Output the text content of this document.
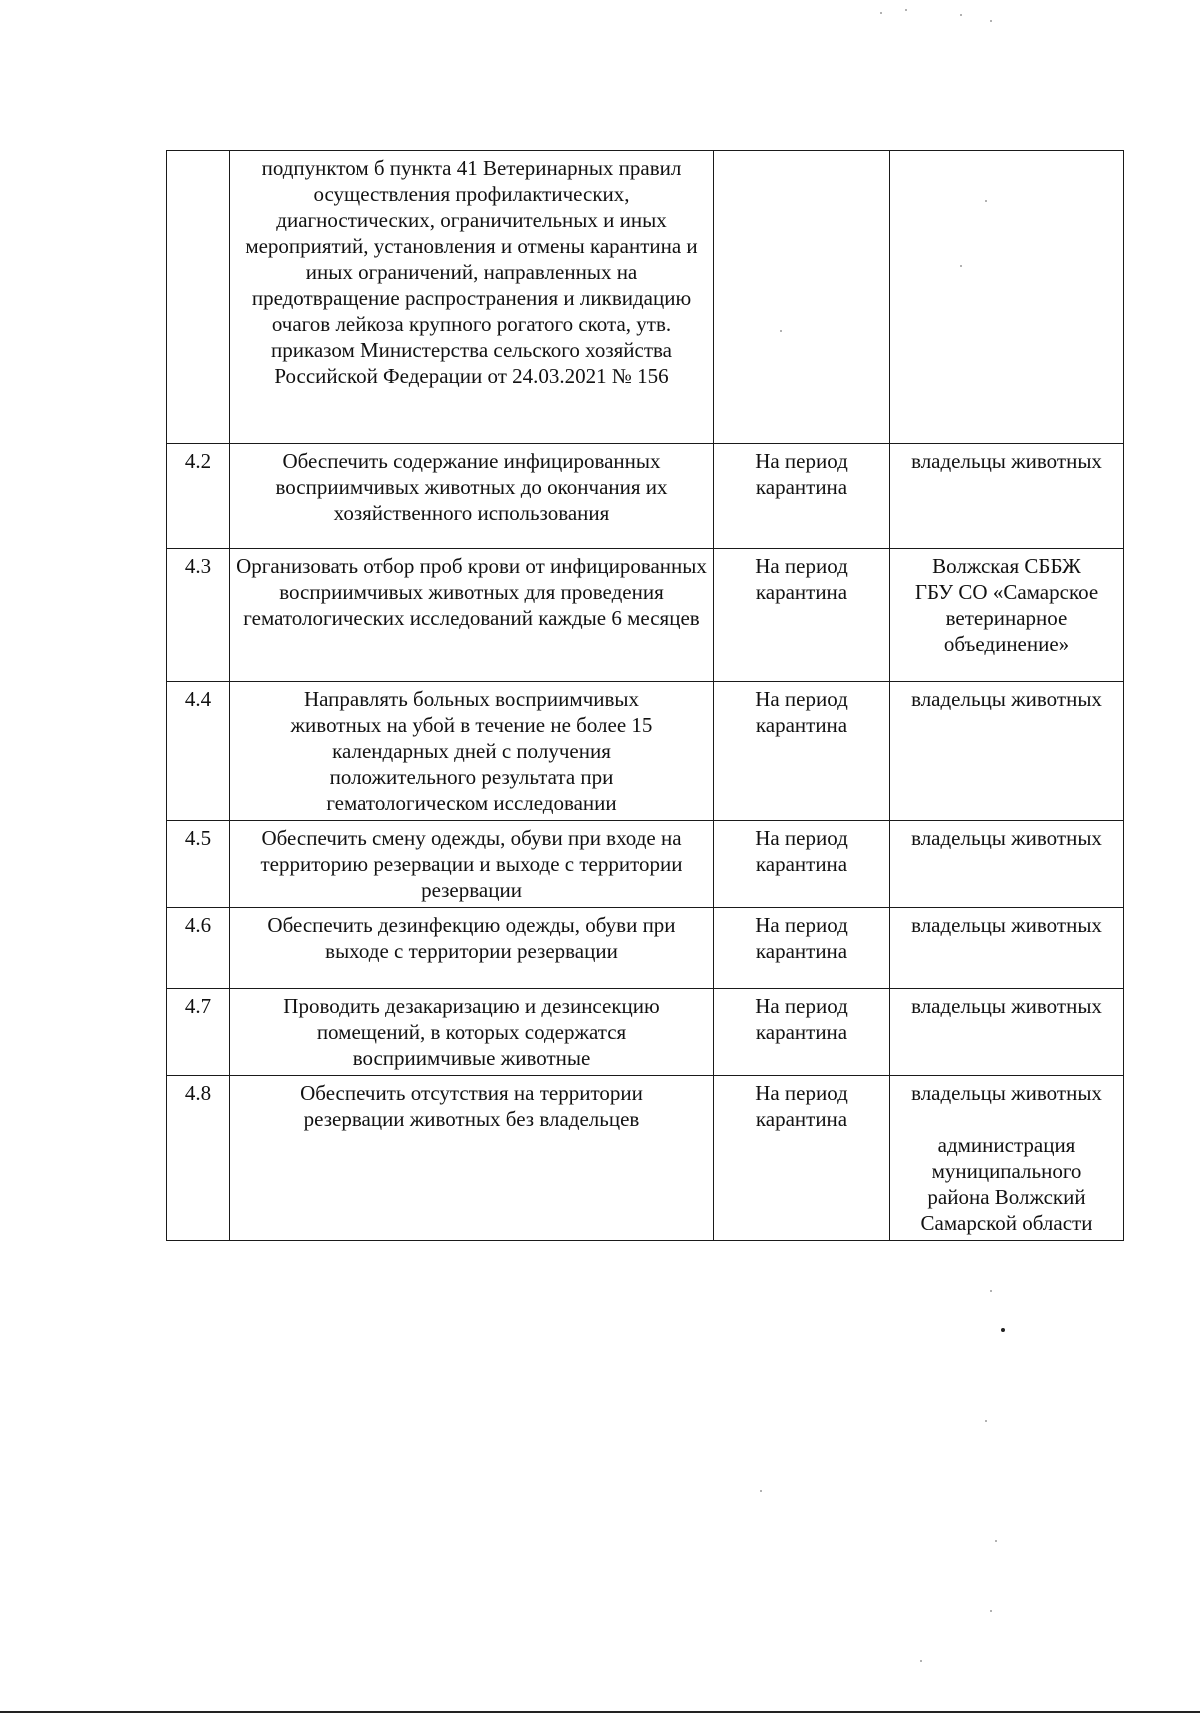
	подпунктом б пункта 41 Ветеринарных правил осуществления профилактических, диагностических, ограничительных и иных мероприятий, установления и отмены карантина и иных ограничений, направленных на предотвращение распространения и ликвидацию очагов лейкоза крупного рогатого скота, утв. приказом Министерства сельского хозяйства Российской Федерации от 24.03.2021 № 156		
4.2	Обеспечить содержание инфицированных восприимчивых животных до окончания их хозяйственного использования	На период карантина	владельцы животных

4.3	Организовать отбор проб крови от инфицированных восприимчивых животных для проведения гематологических исследований каждые 6 месяцев	На период карантина	Волжская СББЖ ГБУ СО «Самарское ветеринарное объединение»

4.4	Направлять больных восприимчивых животных на убой в течение не более 15 календарных дней с получения положительного результата при гематологическом исследовании	На период карантина	владельцы животных

4.5	Обеспечить смену одежды, обуви при входе на территорию резервации и выходе с территории резервации	На период карантина	владельцы животных

4.6	Обеспечить дезинфекцию одежды, обуви при выходе с территории резервации	На период карантина	владельцы животных

4.7	Проводить дезакаризацию и дезинсекцию помещений, в которых содержатся восприимчивые животные	На период карантина	владельцы животных

4.8	Обеспечить отсутствия на территории резервации животных без владельцев	На период карантина	владельцы животных
администрация муниципального района Волжский Самарской области
